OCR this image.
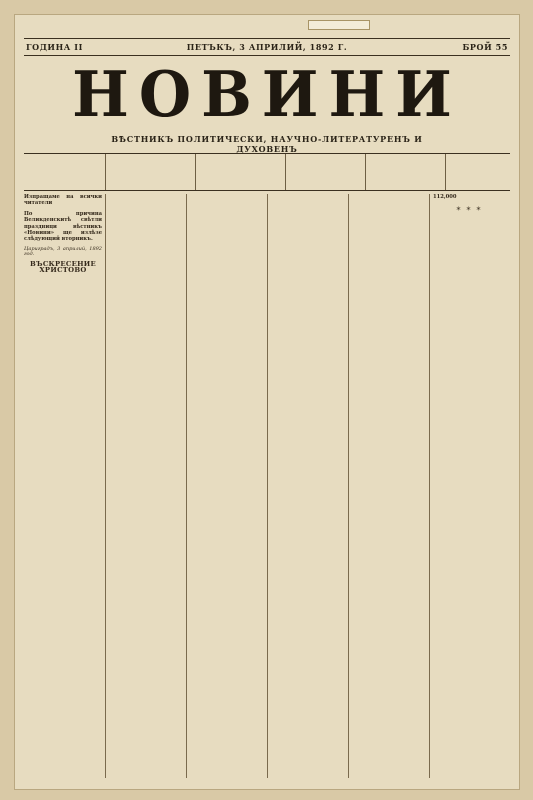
ГОДИНА II	ПЕТЪКЪ, 3 АПРИЛИЙ, 1892 Г.	БРОЙ 55
НОВИНИ
ВѢСТНИКЪ ПОЛИТИЧЕСКИ, НАУЧНО-ЛИТЕРАТУРЕНЪ И ДУХОВЕНЪ
Изпращаме на всички читатели
По причина Великденскитѣ свѣтли праздници вѣстникъ «Новини» ще излѣзе слѣдующий вторникъ.
Цариградъ, 3 априлий, 1892 год.
ВЪСКРЕСЕНИЕ ХРИСТОВО
112,000
***
